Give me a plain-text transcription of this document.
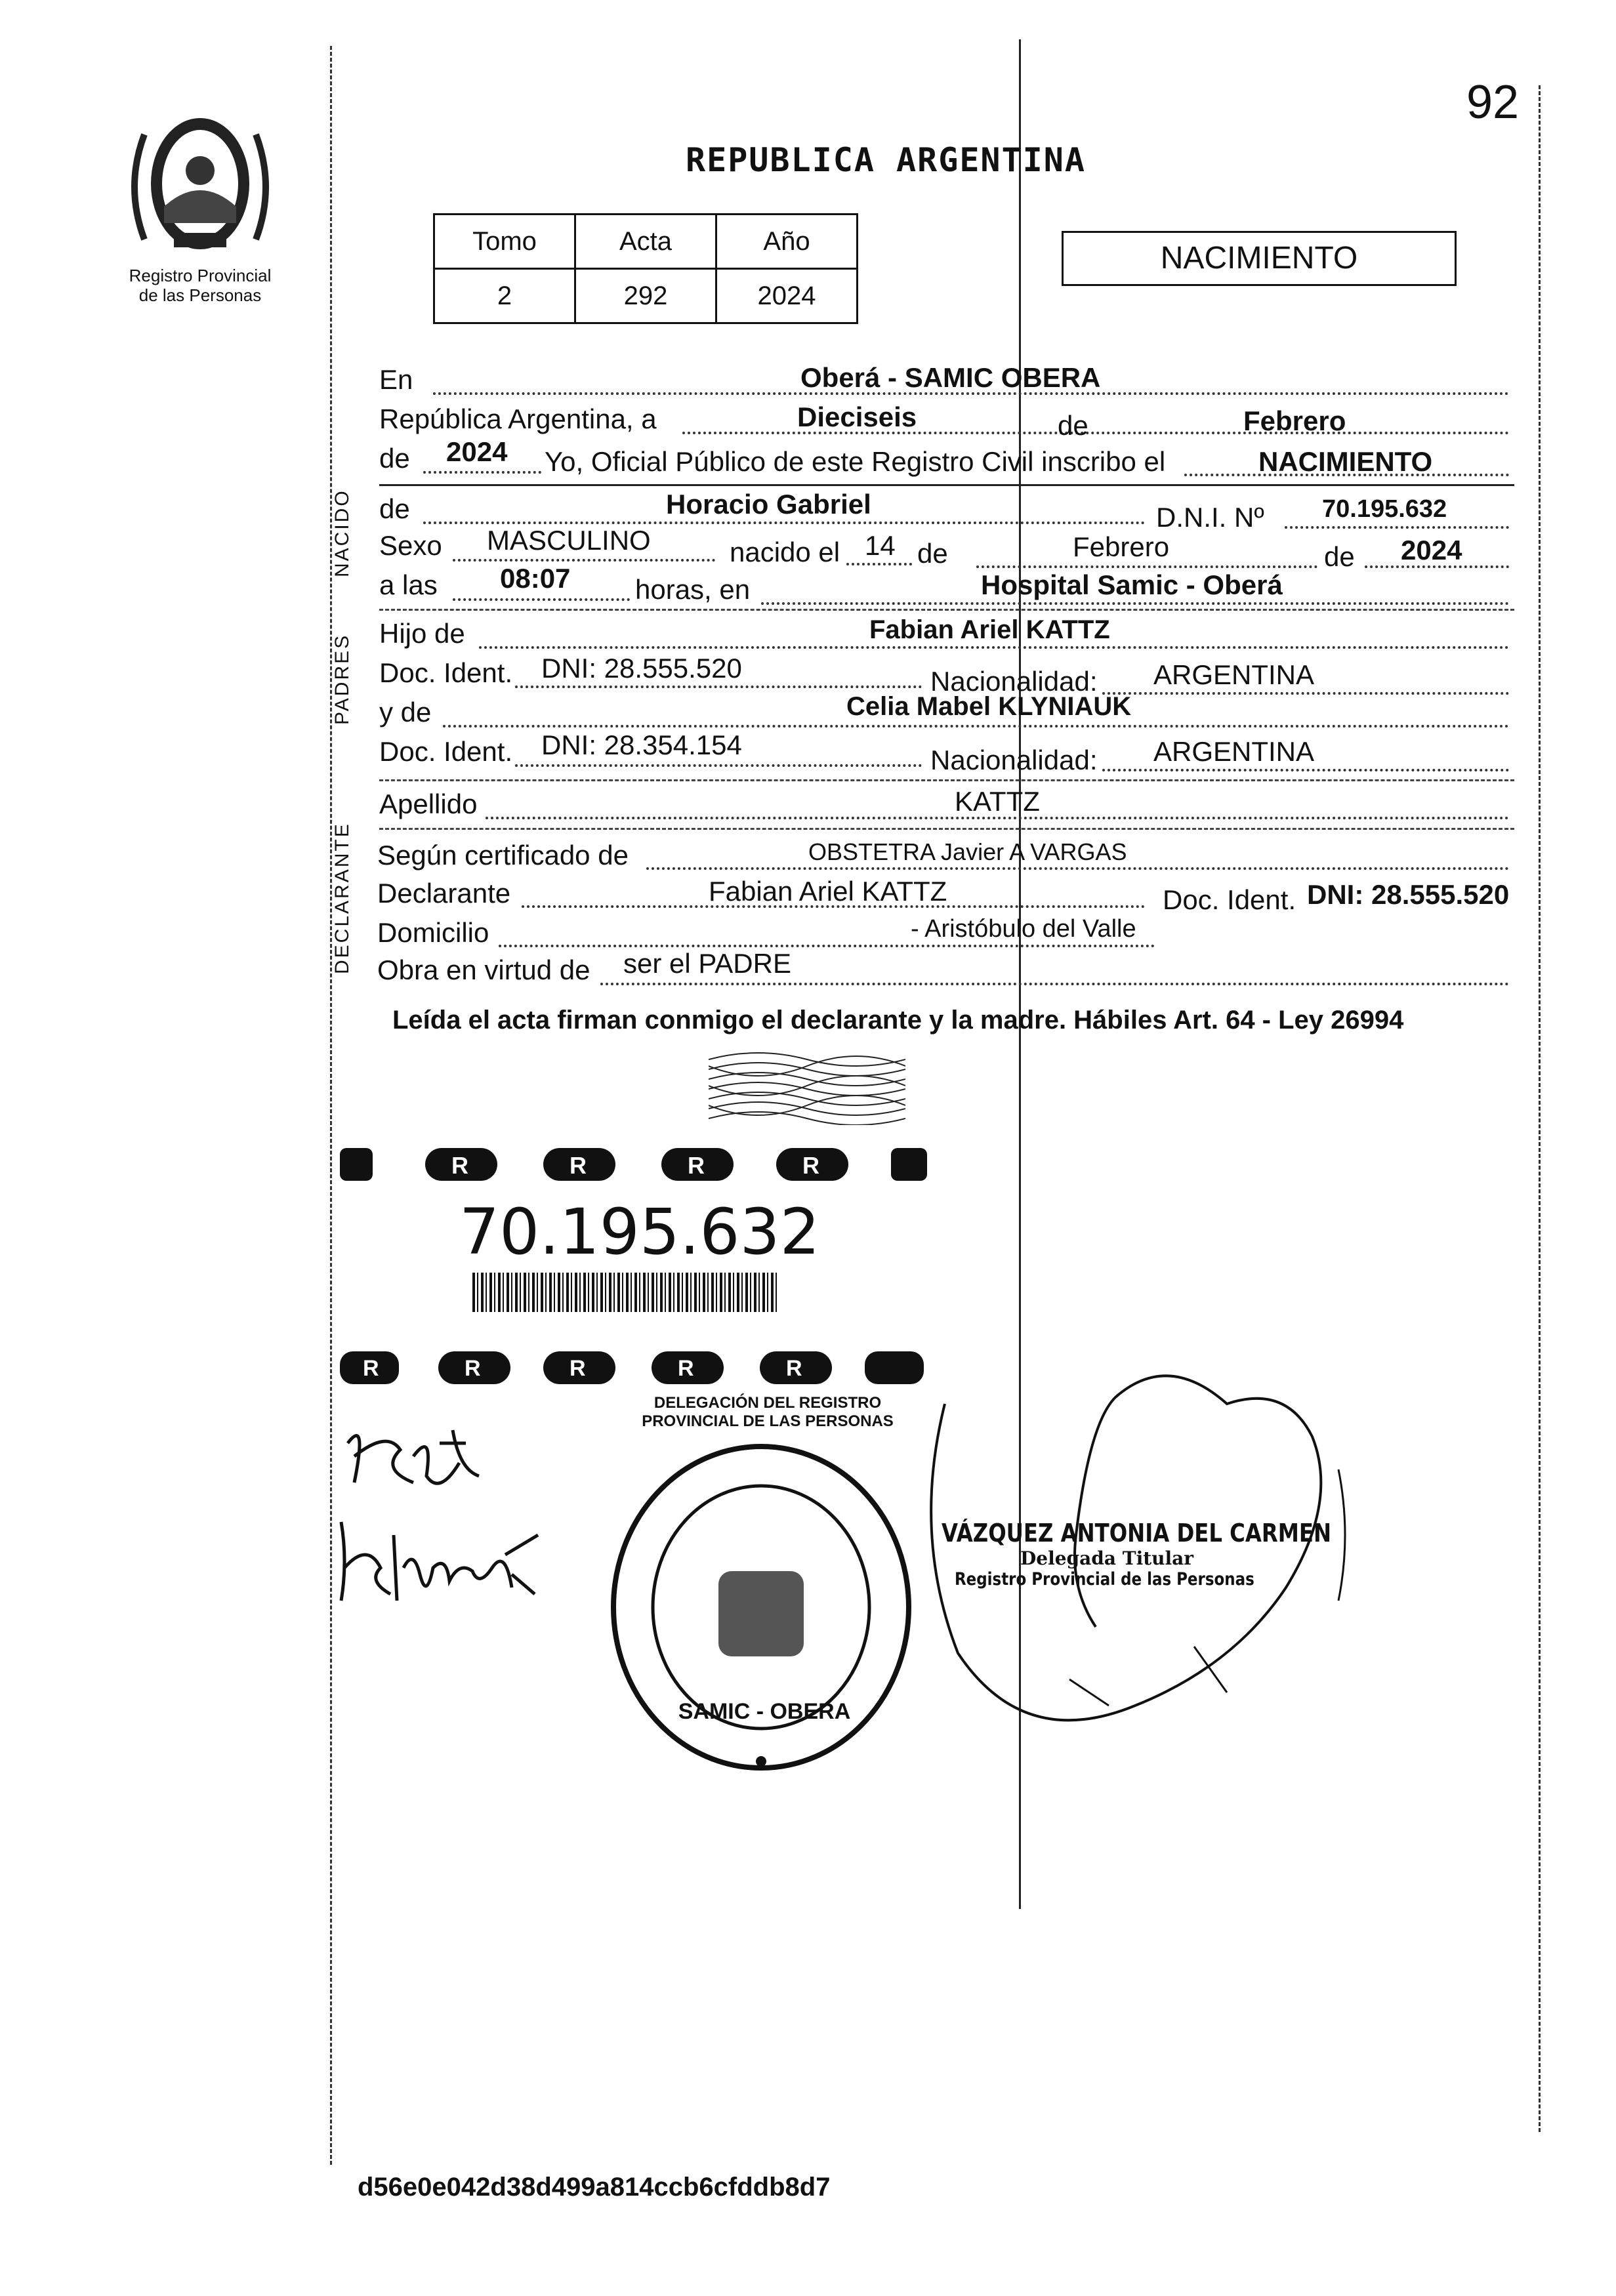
92
Registro Provincial
de las Personas
REPUBLICA ARGENTINA
Tomo	Acta	Año
2	292	2024
NACIMIENTO
NACIDO
PADRES
DECLARANTE
En	Oberá - SAMIC OBERA
República Argentina, a	Dieciseis	de	Febrero
de 2024 Yo, Oficial Público de este Registro Civil inscribo el	NACIMIENTO
de	Horacio Gabriel	D.N.I. Nº 70.195.632
Sexo MASCULINO	nacido el 14 de	Febrero	de 2024
a las 08:07 horas, en	Hospital Samic - Oberá
Hijo de	Fabian Ariel KATTZ
Doc. Ident. DNI: 28.555.520	Nacionalidad: ARGENTINA
y de	Celia Mabel KLYNIAUK
Doc. Ident. DNI: 28.354.154	Nacionalidad: ARGENTINA
Apellido	KATTZ
Según certificado de	OBSTETRA Javier A VARGAS
Declarante	Fabian Ariel KATTZ	Doc. Ident. DNI: 28.555.520
Domicilio	- Aristóbulo del Valle
Obra en virtud de ser el PADRE
Leída el acta firman conmigo el declarante y la madre. Hábiles Art. 64 - Ley 26994
R	R	R	R
70.195.632
R	R	R	R	R
DELEGACIÓN DEL REGISTRO PROVINCIAL DE LAS PERSONAS
SAMIC - OBERA
VÁZQUEZ ANTONIA DEL CARMEN
Delegada Titular
Registro Provincial de las Personas
d56e0e042d38d499a814ccb6cfddb8d7
